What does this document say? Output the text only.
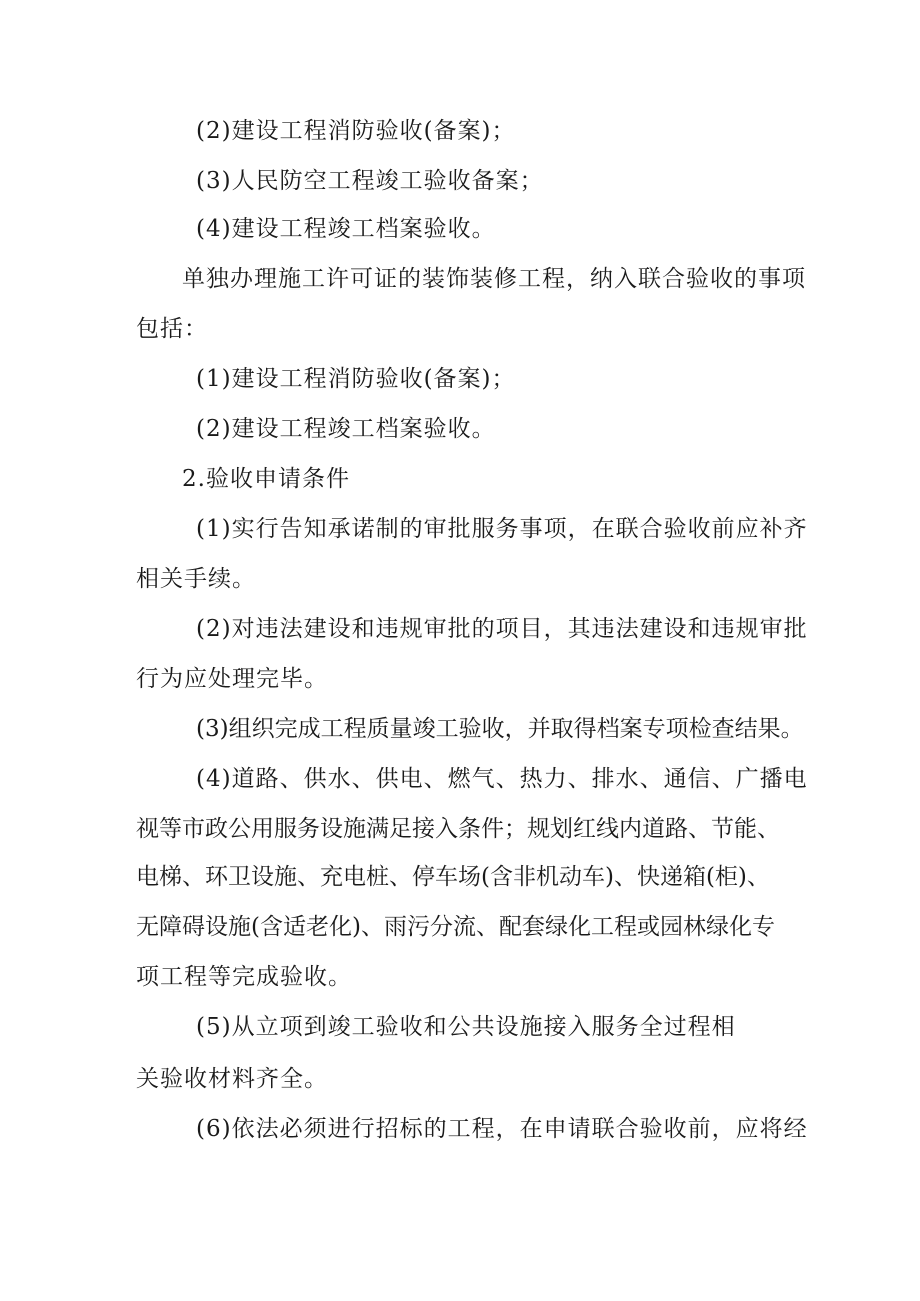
(2)建设工程消防验收(备案)；

(3)人民防空工程竣工验收备案；

(4)建设工程竣工档案验收。

单独办理施工许可证的装饰装修工程，纳入联合验收的事项

包括：

(1)建设工程消防验收(备案)；

(2)建设工程竣工档案验收。

2.验收申请条件

(1)实行告知承诺制的审批服务事项，在联合验收前应补齐

相关手续。

(2)对违法建设和违规审批的项目，其违法建设和违规审批

行为应处理完毕。

(3)组织完成工程质量竣工验收，并取得档案专项检查结果。

(4)道路、供水、供电、燃气、热力、排水、通信、广播电

视等市政公用服务设施满足接入条件；规划红线内道路、节能、

电梯、环卫设施、充电桩、停车场(含非机动车)、快递箱(柜)、

无障碍设施(含适老化)、雨污分流、配套绿化工程或园林绿化专

项工程等完成验收。

(5)从立项到竣工验收和公共设施接入服务全过程相

关验收材料齐全。

(6)依法必须进行招标的工程，在申请联合验收前，应将经
